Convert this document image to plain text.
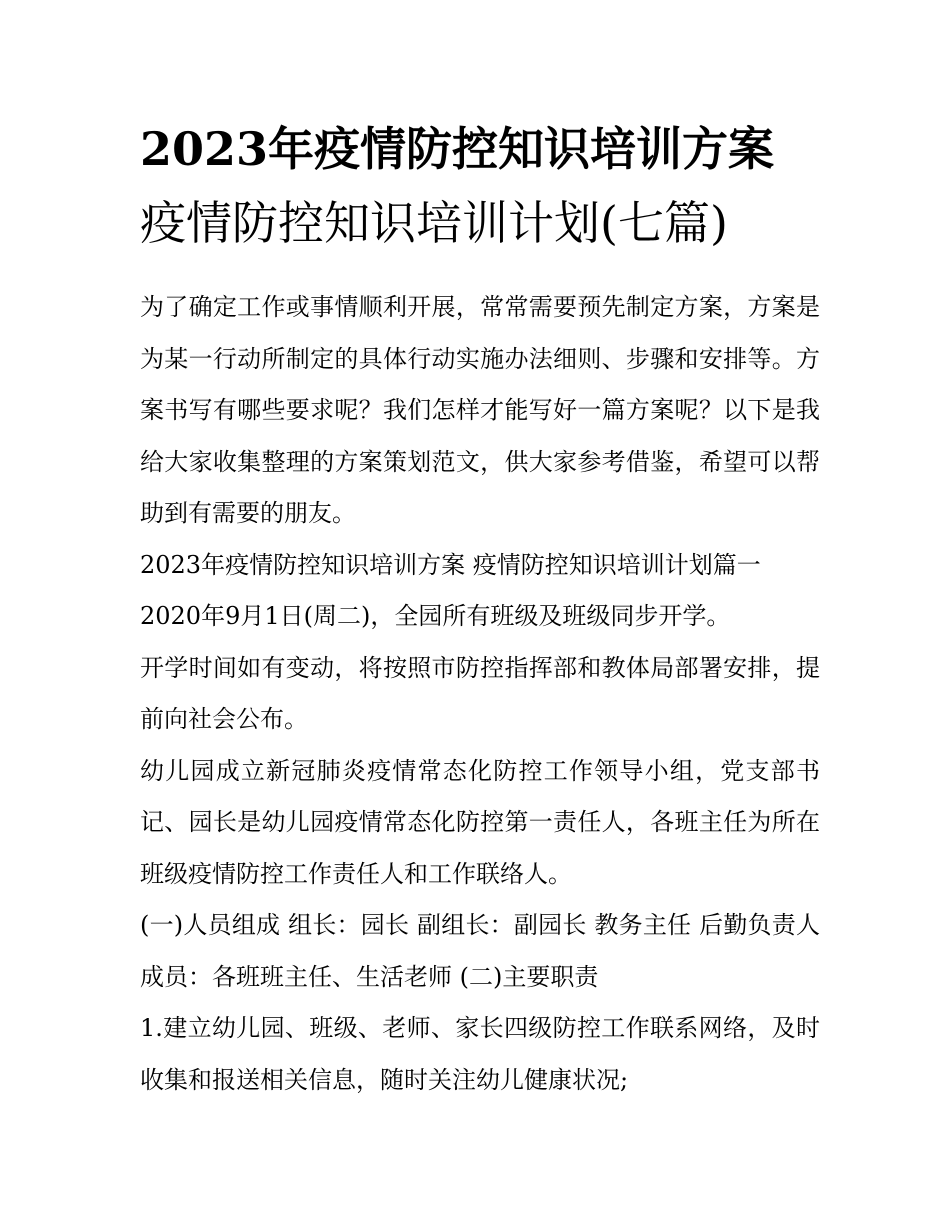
2023年疫情防控知识培训方案
疫情防控知识培训计划(七篇)

为了确定工作或事情顺利开展，常常需要预先制定方案，方案是为某一行动所制定的具体行动实施办法细则、步骤和安排等。方案书写有哪些要求呢？我们怎样才能写好一篇方案呢？以下是我给大家收集整理的方案策划范文，供大家参考借鉴，希望可以帮助到有需要的朋友。

2023年疫情防控知识培训方案 疫情防控知识培训计划篇一

2020年9月1日(周二)，全园所有班级及班级同步开学。

开学时间如有变动，将按照市防控指挥部和教体局部署安排，提前向社会公布。

幼儿园成立新冠肺炎疫情常态化防控工作领导小组，党支部书记、园长是幼儿园疫情常态化防控第一责任人，各班主任为所在班级疫情防控工作责任人和工作联络人。

(一)人员组成 组长：园长 副组长：副园长 教务主任 后勤负责人 成员：各班班主任、生活老师 (二)主要职责

1.建立幼儿园、班级、老师、家长四级防控工作联系网络，及时收集和报送相关信息，随时关注幼儿健康状况;
